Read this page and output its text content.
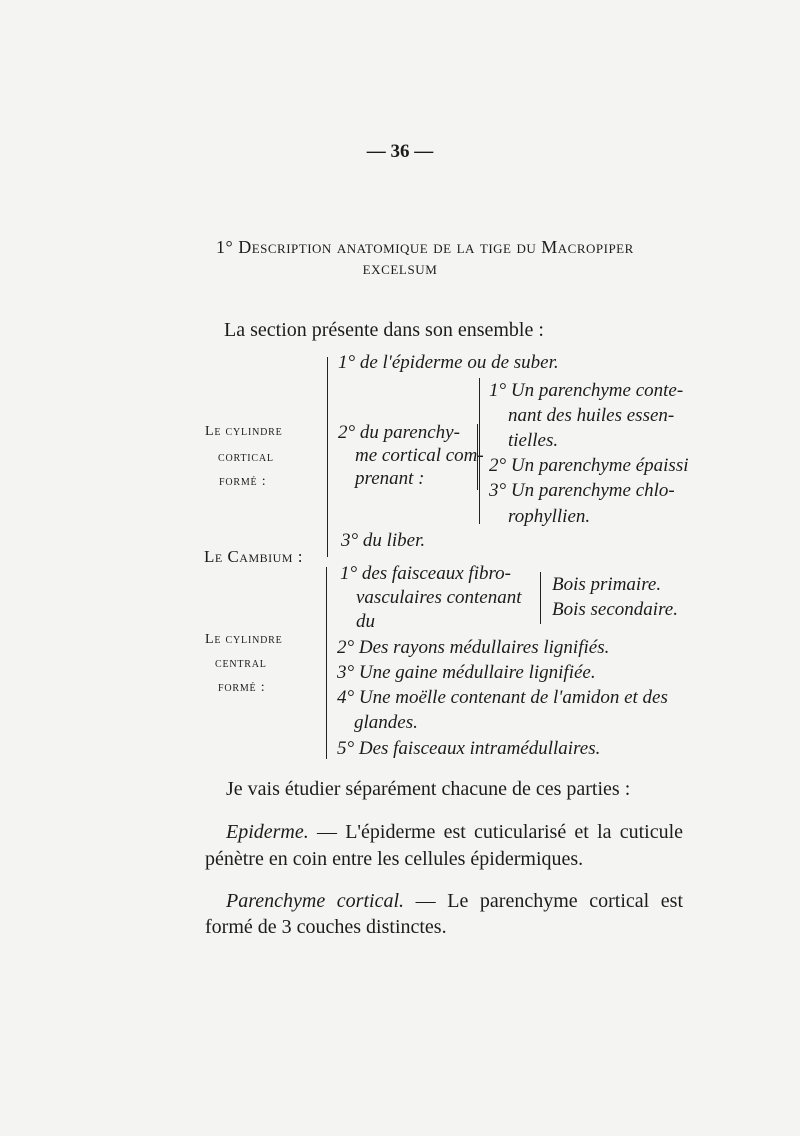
— 36 —
1° Description anatomique de la tige du Macropiper
EXCELSUM
La section présente dans son ensemble :
Le cylindre
cortical
formé :
1° de l'épiderme ou de suber.
2° du parenchy-
me cortical com-
prenant :
1° Un parenchyme conte-
nant des huiles essen-
tielles.
2° Un parenchyme épaissi
3° Un parenchyme chlo-
rophyllien.
3° du liber.
Le Cambium :
Le cylindre
central
formé :
1° des faisceaux fibro-
vasculaires contenant
du
Bois primaire.
Bois secondaire.
2° Des rayons médullaires lignifiés.
3° Une gaine médullaire lignifiée.
4° Une moëlle contenant de l'amidon et des
glandes.
5° Des faisceaux intramédullaires.
Je vais étudier séparément chacune de ces parties :
Epiderme. — L'épiderme est cuticularisé et la cuticule
pénètre en coin entre les cellules épidermiques.
Parenchyme cortical. — Le parenchyme cortical est
formé de 3 couches distinctes.
